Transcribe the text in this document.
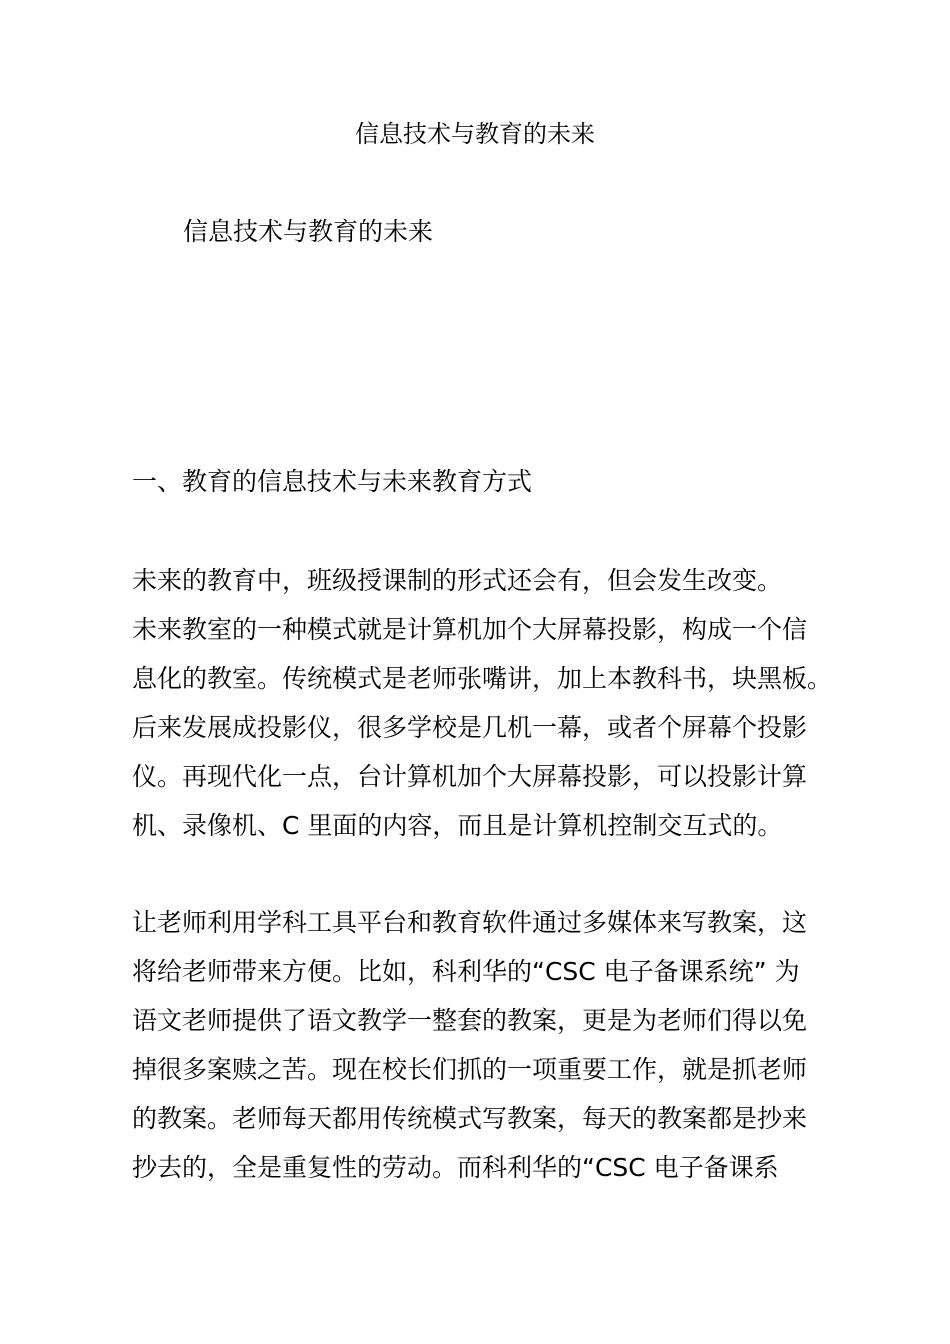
信息技术与教育的未来
信息技术与教育的未来
一、教育的信息技术与未来教育方式

未来的教育中，班级授课制的形式还会有，但会发生改变。
未来教室的一种模式就是计算机加个大屏幕投影，构成一个信
息化的教室。传统模式是老师张嘴讲，加上本教科书，块黑板。
后来发展成投影仪，很多学校是几机一幕，或者个屏幕个投影
仪。再现代化一点，台计算机加个大屏幕投影，可以投影计算
机、录像机、C 里面的内容，而且是计算机控制交互式的。

让老师利用学科工具平台和教育软件通过多媒体来写教案，这
将给老师带来方便。比如，科利华的“CSC 电子备课系统” 为
语文老师提供了语文教学一整套的教案，更是为老师们得以免
掉很多案赎之苦。现在校长们抓的一项重要工作，就是抓老师
的教案。老师每天都用传统模式写教案，每天的教案都是抄来
抄去的，全是重复性的劳动。而科利华的“CSC 电子备课系
